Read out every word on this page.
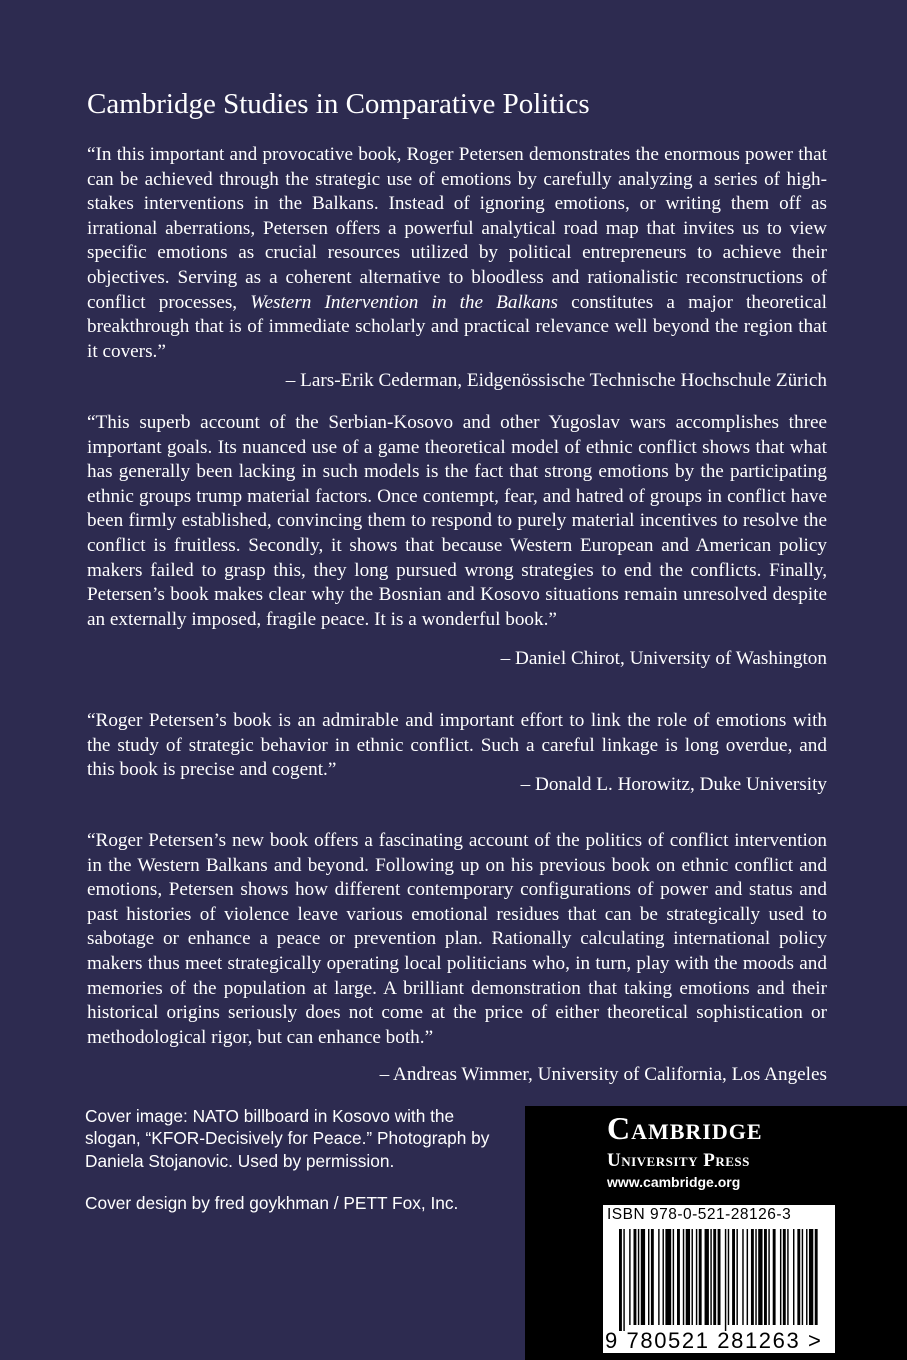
Cambridge Studies in Comparative Politics

“In this important and provocative book, Roger Petersen demonstrates the enormous power that can be achieved through the strategic use of emotions by carefully analyzing a series of high-stakes interventions in the Balkans. Instead of ignoring emotions, or writing them off as irrational aberrations, Petersen offers a powerful analytical road map that invites us to view specific emotions as crucial resources utilized by political entrepreneurs to achieve their objectives. Serving as a coherent alternative to bloodless and rationalistic reconstructions of conflict processes, Western Intervention in the Balkans constitutes a major theoretical breakthrough that is of immediate scholarly and practical relevance well beyond the region that it covers.”

– Lars-Erik Cederman, Eidgenössische Technische Hochschule Zürich

“This superb account of the Serbian-Kosovo and other Yugoslav wars accomplishes three important goals. Its nuanced use of a game theoretical model of ethnic conflict shows that what has generally been lacking in such models is the fact that strong emotions by the participating ethnic groups trump material factors. Once contempt, fear, and hatred of groups in conflict have been firmly established, convincing them to respond to purely material incentives to resolve the conflict is fruitless. Secondly, it shows that because Western European and American policy makers failed to grasp this, they long pursued wrong strategies to end the conflicts. Finally, Petersen’s book makes clear why the Bosnian and Kosovo situations remain unresolved despite an externally imposed, fragile peace. It is a wonderful book.”

– Daniel Chirot, University of Washington

“Roger Petersen’s book is an admirable and important effort to link the role of emotions with the study of strategic behavior in ethnic conflict. Such a careful linkage is long overdue, and this book is precise and cogent.”

– Donald L. Horowitz, Duke University

“Roger Petersen’s new book offers a fascinating account of the politics of conflict intervention in the Western Balkans and beyond. Following up on his previous book on ethnic conflict and emotions, Petersen shows how different contemporary configurations of power and status and past histories of violence leave various emotional residues that can be strategically used to sabotage or enhance a peace or prevention plan. Rationally calculating international policy makers thus meet strategically operating local politicians who, in turn, play with the moods and memories of the population at large. A brilliant demonstration that taking emotions and their historical origins seriously does not come at the price of either theoretical sophistication or methodological rigor, but can enhance both.”

– Andreas Wimmer, University of California, Los Angeles

Cover image: NATO billboard in Kosovo with the slogan, “KFOR-Decisively for Peace.” Photograph by Daniela Stojanovic. Used by permission.

Cover design by fred goykhman / PETT Fox, Inc.

Cambridge
University Press
www.cambridge.org
ISBN 978-0-521-28126-3
9 780521 281263 >
